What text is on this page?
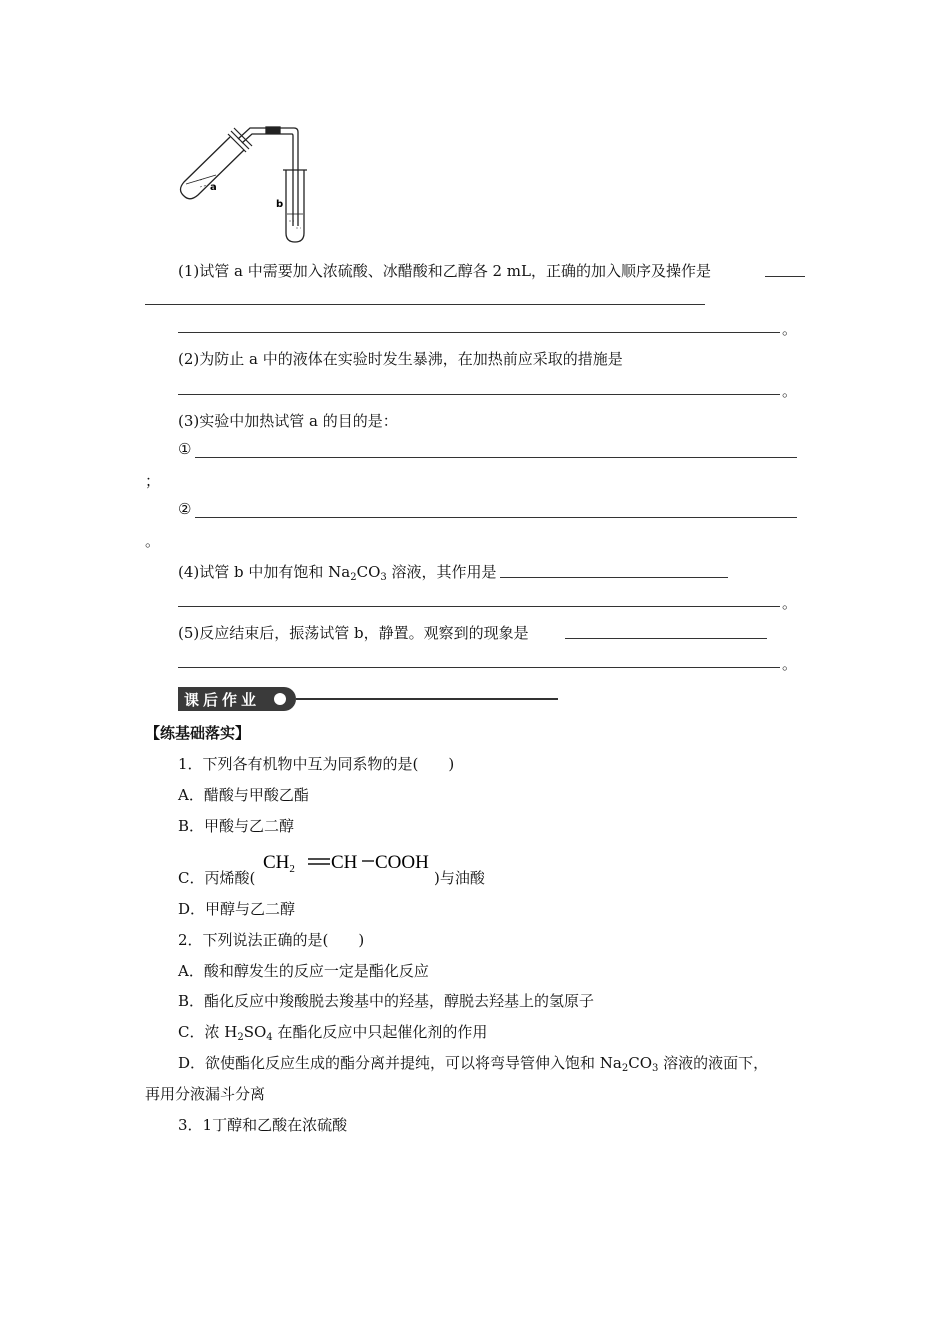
a
b
(1)试管 a 中需要加入浓硫酸、冰醋酸和乙醇各 2 mL，正确的加入顺序及操作是
。
(2)为防止 a 中的液体在实验时发生暴沸，在加热前应采取的措施是
。
(3)实验中加热试管 a 的目的是：
①
；
②
。
(4)试管 b 中加有饱和 $Na_2CO_3$ 溶液，其作用是
。
(5)反应结束后，振荡试管 b，静置。观察到的现象是
。
课后作业
【练基础落实】
1．下列各有机物中互为同系物的是(　　)
A．醋酸与甲酸乙酯
B．甲酸与乙二醇
C．丙烯酸(
$CH_2$ CH COOH
)与油酸
D．甲醇与乙二醇
2．下列说法正确的是(　　)
A．酸和醇发生的反应一定是酯化反应
B．酯化反应中羧酸脱去羧基中的羟基，醇脱去羟基上的氢原子
C．浓 $H_2SO_4$ 在酯化反应中只起催化剂的作用
D．欲使酯化反应生成的酯分离并提纯，可以将弯导管伸入饱和 $Na_2CO_3$ 溶液的液面下，
再用分液漏斗分离
3．1丁醇和乙酸在浓硫酸
